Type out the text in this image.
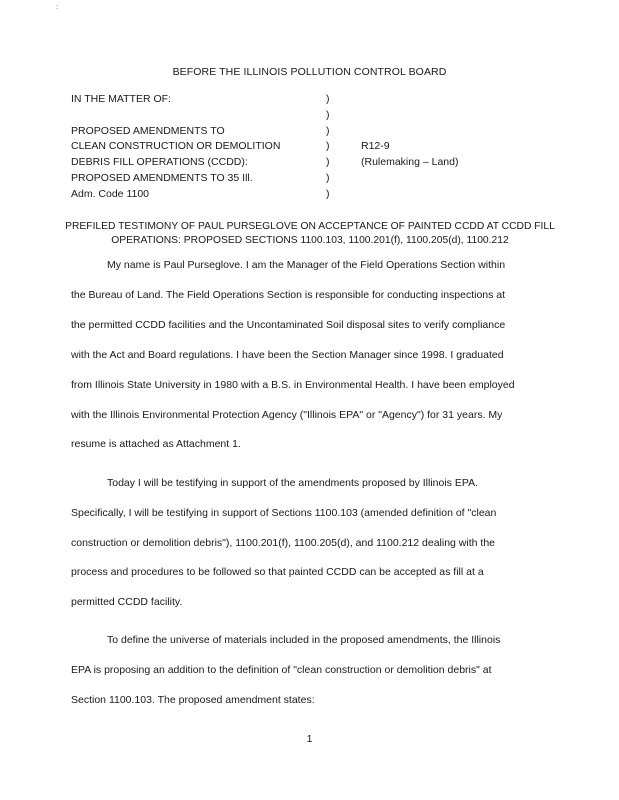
:
BEFORE THE ILLINOIS POLLUTION CONTROL BOARD
IN THE MATTER OF:	)
)
PROPOSED AMENDMENTS TO	)
CLEAN CONSTRUCTION OR DEMOLITION	)	R12-9
DEBRIS FILL OPERATIONS (CCDD):	)	(Rulemaking – Land)
PROPOSED AMENDMENTS TO 35 Ill.	)
Adm. Code 1100	)
PREFILED TESTIMONY OF PAUL PURSEGLOVE ON ACCEPTANCE OF PAINTED CCDD AT CCDD FILL
OPERATIONS: PROPOSED SECTIONS 1100.103, 1100.201(f), 1100.205(d), 1100.212
My name is Paul Purseglove. I am the Manager of the Field Operations Section within
the Bureau of Land. The Field Operations Section is responsible for conducting inspections at
the permitted CCDD facilities and the Uncontaminated Soil disposal sites to verify compliance
with the Act and Board regulations. I have been the Section Manager since 1998. I graduated
from Illinois State University in 1980 with a B.S. in Environmental Health. I have been employed
with the Illinois Environmental Protection Agency ("Illinois EPA" or "Agency") for 31 years. My
resume is attached as Attachment 1.
Today I will be testifying in support of the amendments proposed by Illinois EPA.
Specifically, I will be testifying in support of Sections 1100.103 (amended definition of "clean
construction or demolition debris"), 1100.201(f), 1100.205(d), and 1100.212 dealing with the
process and procedures to be followed so that painted CCDD can be accepted as fill at a
permitted CCDD facility.
To define the universe of materials included in the proposed amendments, the Illinois
EPA is proposing an addition to the definition of "clean construction or demolition debris" at
Section 1100.103. The proposed amendment states:
1
